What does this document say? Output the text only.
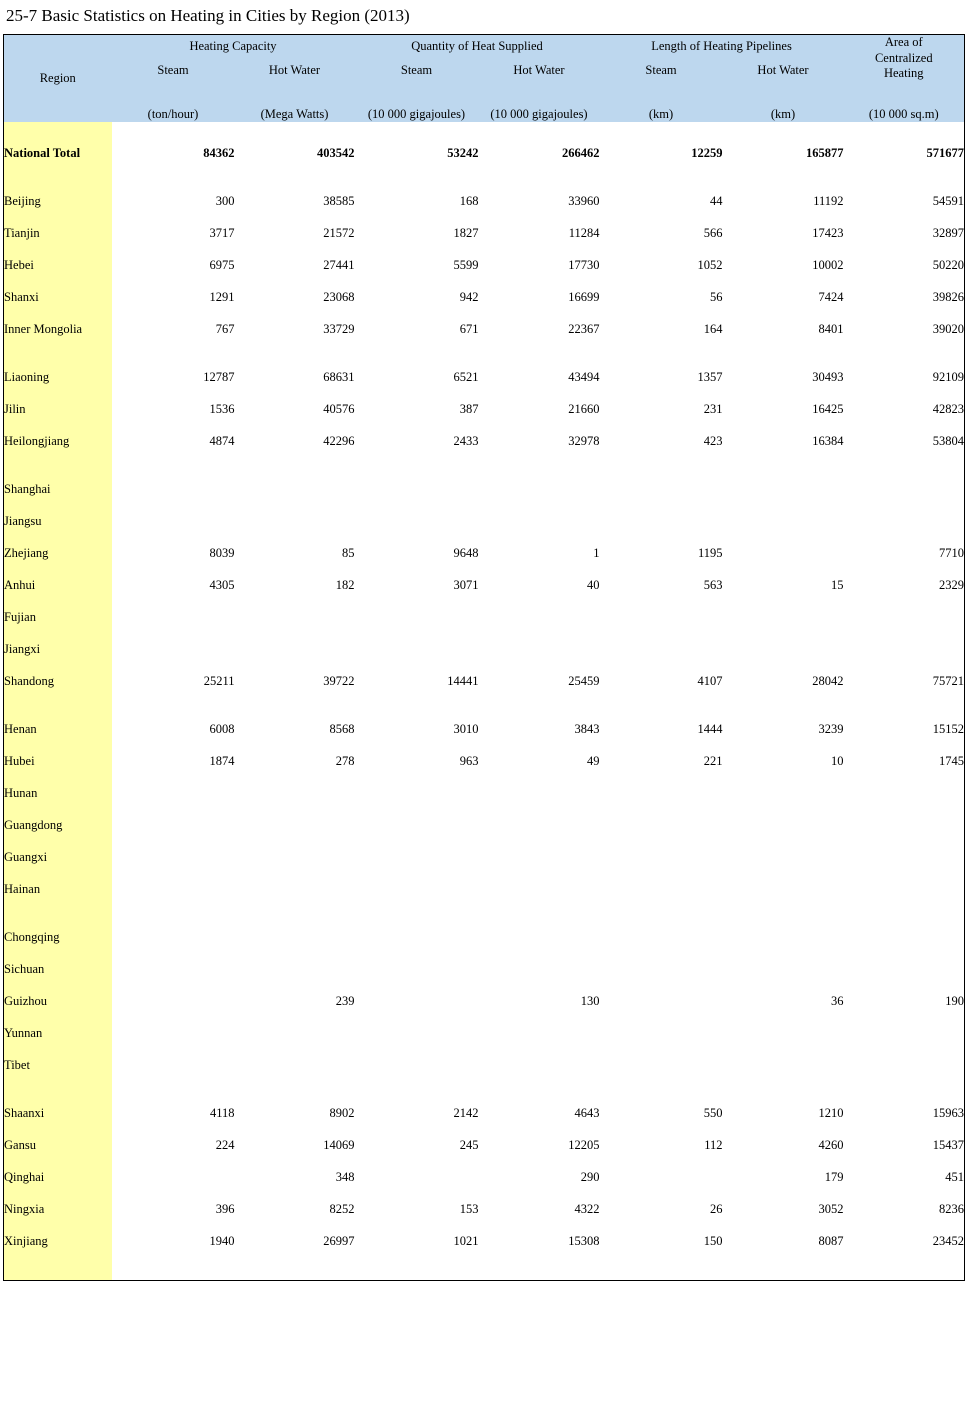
25-7 Basic Statistics on Heating in Cities by Region (2013)
Region	Heating Capacity		Quantity of Heat Supplied		Length of Heating Pipelines		Area of
Centralized
Heating
	Steam	Hot Water	Steam	Hot Water	Steam	Hot Water	
	(ton/hour)	(Mega Watts)	(10 000 gigajoules)	(10 000 gigajoules)	(km)	(km)	(10 000 sq.m)

National Total	84362	403542	53242	266462	12259	165877	571677

Beijing	300	38585	168	33960	44	11192	54591
Tianjin	3717	21572	1827	11284	566	17423	32897
Hebei	6975	27441	5599	17730	1052	10002	50220
Shanxi	1291	23068	942	16699	56	7424	39826
Inner Mongolia	767	33729	671	22367	164	8401	39020

Liaoning	12787	68631	6521	43494	1357	30493	92109
Jilin	1536	40576	387	21660	231	16425	42823
Heilongjiang	4874	42296	2433	32978	423	16384	53804

Shanghai							
Jiangsu							
Zhejiang	8039	85	9648	1	1195		7710
Anhui	4305	182	3071	40	563	15	2329
Fujian							
Jiangxi							
Shandong	25211	39722	14441	25459	4107	28042	75721

Henan	6008	8568	3010	3843	1444	3239	15152
Hubei	1874	278	963	49	221	10	1745
Hunan							
Guangdong							
Guangxi							
Hainan							

Chongqing							
Sichuan							
Guizhou		239		130		36	190
Yunnan							
Tibet							

Shaanxi	4118	8902	2142	4643	550	1210	15963
Gansu	224	14069	245	12205	112	4260	15437
Qinghai		348		290		179	451
Ningxia	396	8252	153	4322	26	3052	8236
Xinjiang	1940	26997	1021	15308	150	8087	23452
